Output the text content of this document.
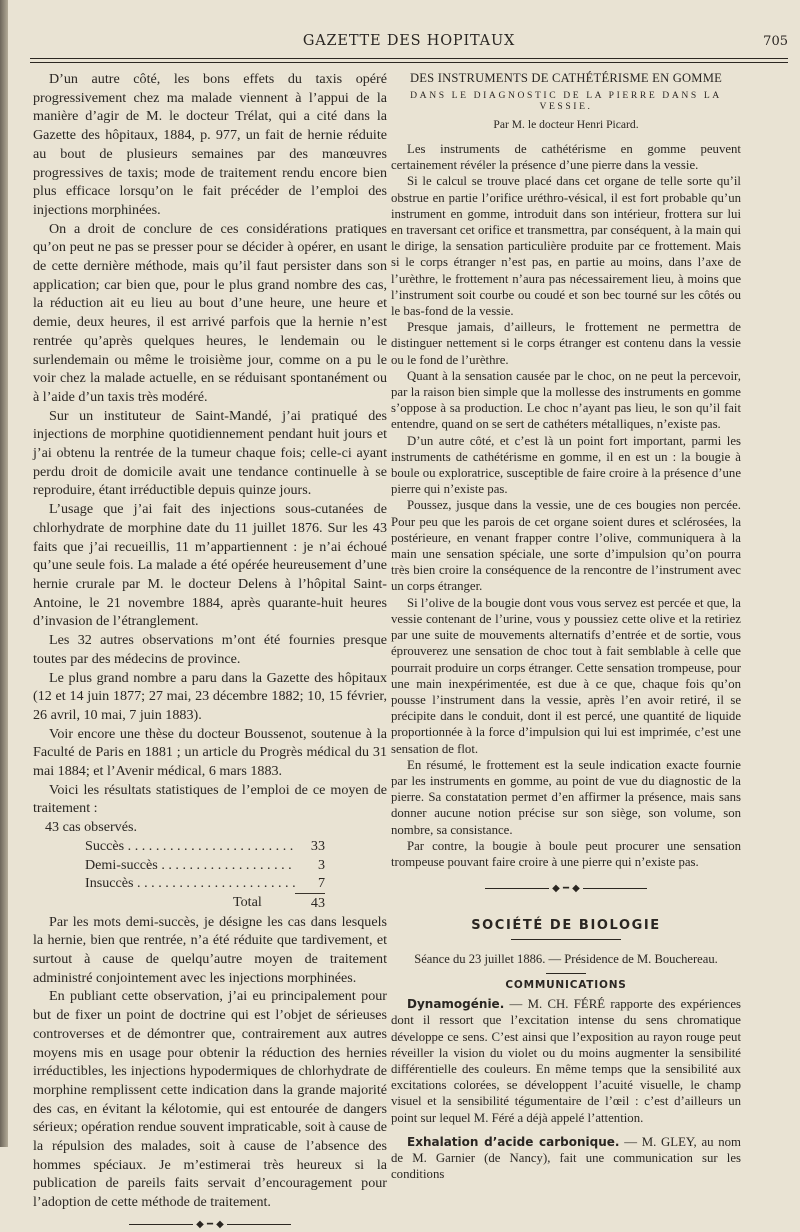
GAZETTE DES HOPITAUX	705

D’un autre côté, les bons effets du taxis opéré progressivement chez ma malade viennent à l’appui de la manière d’agir de M. le docteur Trélat, qui a cité dans la Gazette des hôpitaux, 1884, p. 977, un fait de hernie réduite au bout de plusieurs semaines par des manœuvres progressives de taxis; mode de traitement rendu encore bien plus efficace lorsqu’on le fait précéder de l’emploi des injections morphinées.

On a droit de conclure de ces considérations pratiques qu’on peut ne pas se presser pour se décider à opérer, en usant de cette dernière méthode, mais qu’il faut persister dans son application; car bien que, pour le plus grand nombre des cas, la réduction ait eu lieu au bout d’une heure, une heure et demie, deux heures, il est arrivé parfois que la hernie n’est rentrée qu’après quelques heures, le lendemain ou le surlendemain ou même le troisième jour, comme on a pu le voir chez la malade actuelle, en se réduisant spontanément ou à l’aide d’un taxis très modéré.

Sur un instituteur de Saint-Mandé, j’ai pratiqué des injections de morphine quotidiennement pendant huit jours et j’ai obtenu la rentrée de la tumeur chaque fois; celle-ci ayant perdu droit de domicile avait une tendance continuelle à se reproduire, étant irréductible depuis quinze jours.

L’usage que j’ai fait des injections sous-cutanées de chlorhydrate de morphine date du 11 juillet 1876. Sur les 43 faits que j’ai recueillis, 11 m’appartiennent : je n’ai échoué qu’une seule fois. La malade a été opérée heureusement d’une hernie crurale par M. le docteur Delens à l’hôpital Saint-Antoine, le 21 novembre 1884, après quarante-huit heures d’invasion de l’étranglement.

Les 32 autres observations m’ont été fournies presque toutes par des médecins de province.

Le plus grand nombre a paru dans la Gazette des hôpitaux (12 et 14 juin 1877; 27 mai, 23 décembre 1882; 10, 15 février, 26 avril, 10 mai, 7 juin 1883).

Voir encore une thèse du docteur Boussenot, soutenue à la Faculté de Paris en 1881 ; un article du Progrès médical du 31 mai 1884; et l’Avenir médical, 6 mars 1883.

Voici les résultats statistiques de l’emploi de ce moyen de traitement :

43 cas observés.
Succès . . .	33
Demi-succès . . .	3
Insuccès . . .	7
Total	43

Par les mots demi-succès, je désigne les cas dans lesquels la hernie, bien que rentrée, n’a été réduite que tardivement, et surtout à cause de quelqu’autre moyen de traitement administré conjointement avec les injections morphinées.

En publiant cette observation, j’ai eu principalement pour but de fixer un point de doctrine qui est l’objet de sérieuses controverses et de démontrer que, contrairement aux autres moyens mis en usage pour obtenir la réduction des hernies irréductibles, les injections hypodermiques de chlorhydrate de morphine remplissent cette indication dans la grande majorité des cas, en évitant la kélotomie, qui est entourée de dangers sérieux; opération rendue souvent impraticable, soit à cause de la répulsion des malades, soit à cause de l’absence des hommes spéciaux. Je m’estimerai très heureux si la publication de pareils faits servait d’encouragement pour l’adoption de cette méthode de traitement.

◆ ━ ◆

DES INSTRUMENTS DE CATHÉTÉRISME EN GOMME

DANS LE DIAGNOSTIC DE LA PIERRE DANS LA VESSIE.

Par M. le docteur Henri Picard.

Les instruments de cathétérisme en gomme peuvent certainement révéler la présence d’une pierre dans la vessie.

Si le calcul se trouve placé dans cet organe de telle sorte qu’il obstrue en partie l’orifice uréthro-vésical, il est fort probable qu’un instrument en gomme, introduit dans son intérieur, frottera sur lui en traversant cet orifice et transmettra, par conséquent, à la main qui le dirige, la sensation particulière produite par ce frottement. Mais si le corps étranger n’est pas, en partie au moins, dans l’axe de l’urèthre, le frottement n’aura pas nécessairement lieu, à moins que l’instrument soit courbe ou coudé et son bec tourné sur les côtés ou le bas-fond de la vessie.

Presque jamais, d’ailleurs, le frottement ne permettra de distinguer nettement si le corps étranger est contenu dans la vessie ou le fond de l’urèthre.

Quant à la sensation causée par le choc, on ne peut la percevoir, par la raison bien simple que la mollesse des instruments en gomme s’oppose à sa production. Le choc n’ayant pas lieu, le son qu’il fait entendre, quand on se sert de cathéters métalliques, n’existe pas.

D’un autre côté, et c’est là un point fort important, parmi les instruments de cathétérisme en gomme, il en est un : la bougie à boule ou exploratrice, susceptible de faire croire à la présence d’une pierre qui n’existe pas.

Poussez, jusque dans la vessie, une de ces bougies non percée. Pour peu que les parois de cet organe soient dures et sclérosées, la postérieure, en venant frapper contre l’olive, communiquera à la main une sensation spéciale, une sorte d’impulsion qu’on pourra très bien croire la conséquence de la rencontre de l’instrument avec un corps étranger.

Si l’olive de la bougie dont vous vous servez est percée et que, la vessie contenant de l’urine, vous y poussiez cette olive et la retiriez par une suite de mouvements alternatifs d’entrée et de sortie, vous éprouverez une sensation de choc tout à fait semblable à celle que pourrait produire un corps étranger. Cette sensation trompeuse, pour une main inexpérimentée, est due à ce que, chaque fois qu’on pousse l’instrument dans la vessie, après l’en avoir retiré, il se précipite dans le conduit, dont il est percé, une quantité de liquide proportionnée à la force d’impulsion qui lui est imprimée, c’est une sensation de flot.

En résumé, le frottement est la seule indication exacte fournie par les instruments en gomme, au point de vue du diagnostic de la pierre. Sa constatation permet d’en affirmer la présence, mais sans donner aucune notion précise sur son siège, son volume, son nombre, sa consistance.

Par contre, la bougie à boule peut procurer une sensation trompeuse pouvant faire croire à une pierre qui n’existe pas.

◆ ━ ◆

SOCIÉTÉ DE BIOLOGIE

Séance du 23 juillet 1886. — Présidence de M. Bouchereau.

COMMUNICATIONS

Dynamogénie. — M. CH. FÉRÉ rapporte des expériences dont il ressort que l’excitation intense du sens chromatique développe ce sens. C’est ainsi que l’exposition au rayon rouge peut réveiller la vision du violet ou du moins augmenter la sensibilité différentielle des couleurs. En même temps que la sensibilité aux excitations colorées, se développent l’acuité visuelle, le champ visuel et la sensibilité tégumentaire de l’œil : c’est d’ailleurs un point sur lequel M. Féré a déjà appelé l’attention.

Exhalation d’acide carbonique. — M. GLEY, au nom de M. Garnier (de Nancy), fait une communication sur les conditions
